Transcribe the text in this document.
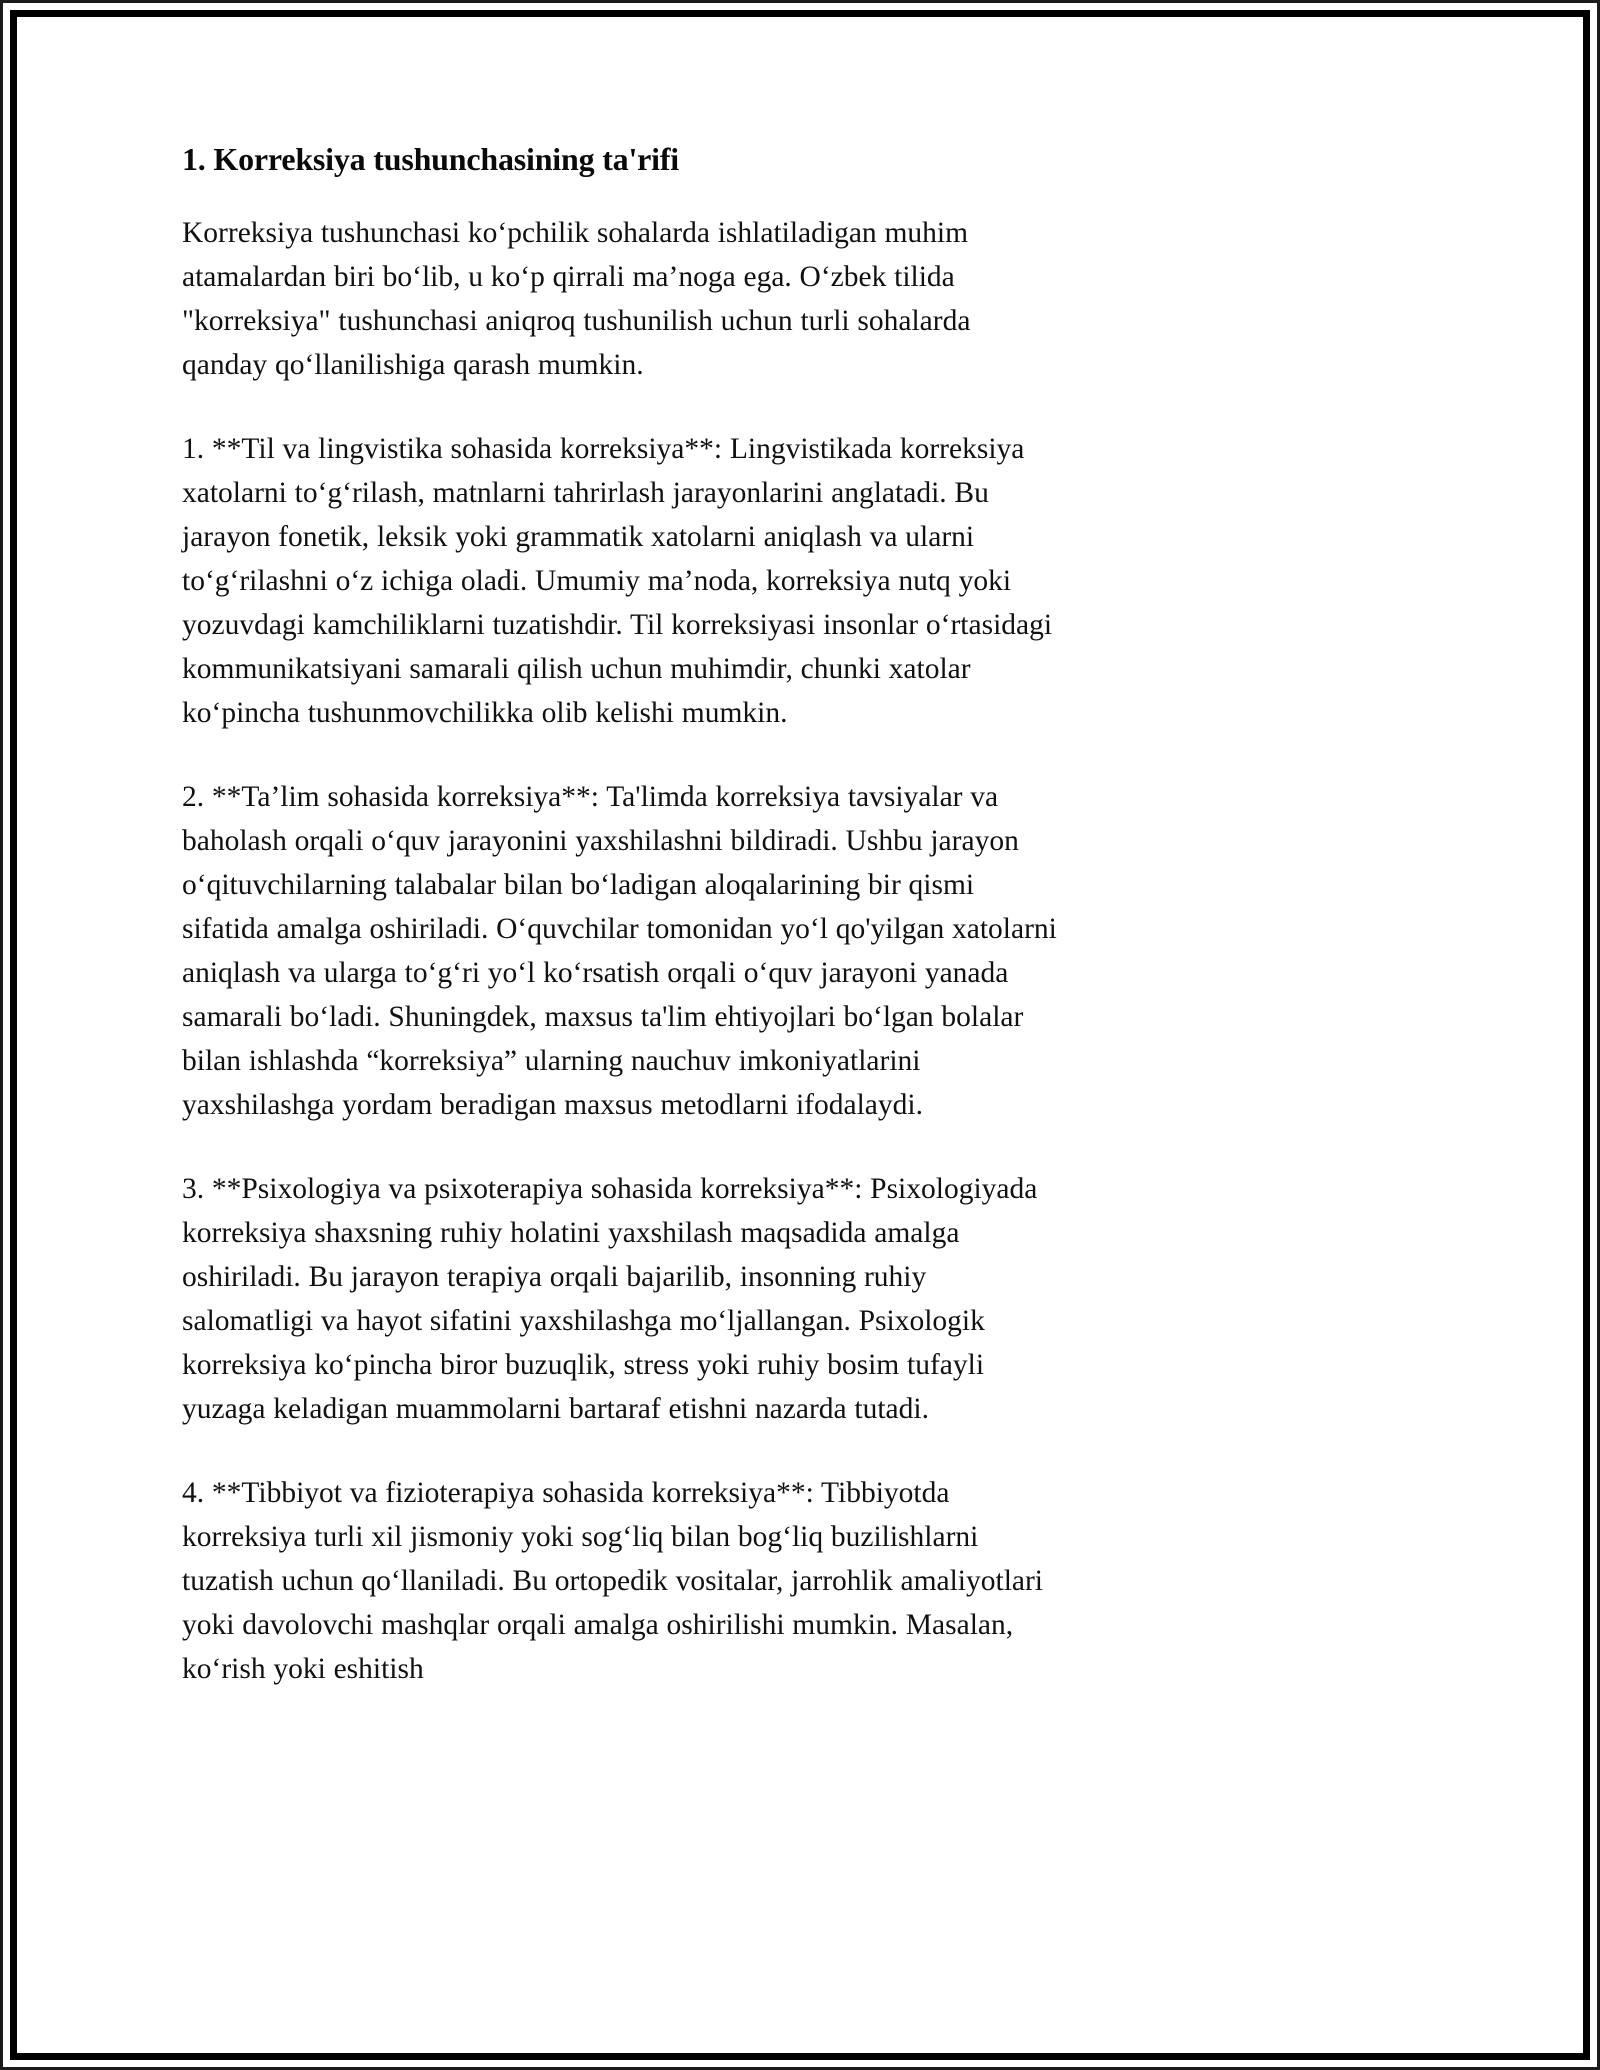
1. Korreksiya tushunchasining ta'rifi

Korreksiya tushunchasi ko‘pchilik sohalarda ishlatiladigan muhim atamalardan biri bo‘lib, u ko‘p qirrali ma’noga ega. O‘zbek tilida "korreksiya" tushunchasi aniqroq tushunilish uchun turli sohalarda qanday qo‘llanilishiga qarash mumkin.

1. **Til va lingvistika sohasida korreksiya**: Lingvistikada korreksiya xatolarni to‘g‘rilash, matnlarni tahrirlash jarayonlarini anglatadi. Bu jarayon fonetik, leksik yoki grammatik xatolarni aniqlash va ularni to‘g‘rilashni o‘z ichiga oladi. Umumiy ma’noda, korreksiya nutq yoki yozuvdagi kamchiliklarni tuzatishdir. Til korreksiyasi insonlar o‘rtasidagi kommunikatsiyani samarali qilish uchun muhimdir, chunki xatolar ko‘pincha tushunmovchilikka olib kelishi mumkin.

2. **Ta’lim sohasida korreksiya**: Ta'limda korreksiya tavsiyalar va baholash orqali o‘quv jarayonini yaxshilashni bildiradi. Ushbu jarayon o‘qituvchilarning talabalar bilan bo‘ladigan aloqalarining bir qismi sifatida amalga oshiriladi. O‘quvchilar tomonidan yo‘l qo'yilgan xatolarni aniqlash va ularga to‘g‘ri yo‘l ko‘rsatish orqali o‘quv jarayoni yanada samarali bo‘ladi. Shuningdek, maxsus ta'lim ehtiyojlari bo‘lgan bolalar bilan ishlashda “korreksiya” ularning nauchuv imkoniyatlarini yaxshilashga yordam beradigan maxsus metodlarni ifodalaydi.

3. **Psixologiya va psixoterapiya sohasida korreksiya**: Psixologiyada korreksiya shaxsning ruhiy holatini yaxshilash maqsadida amalga oshiriladi. Bu jarayon terapiya orqali bajarilib, insonning ruhiy salomatligi va hayot sifatini yaxshilashga mo‘ljallangan. Psixologik korreksiya ko‘pincha biror buzuqlik, stress yoki ruhiy bosim tufayli yuzaga keladigan muammolarni bartaraf etishni nazarda tutadi.

4. **Tibbiyot va fizioterapiya sohasida korreksiya**: Tibbiyotda korreksiya turli xil jismoniy yoki sog‘liq bilan bog‘liq buzilishlarni tuzatish uchun qo‘llaniladi. Bu ortopedik vositalar, jarrohlik amaliyotlari yoki davolovchi mashqlar orqali amalga oshirilishi mumkin. Masalan, ko‘rish yoki eshitish
